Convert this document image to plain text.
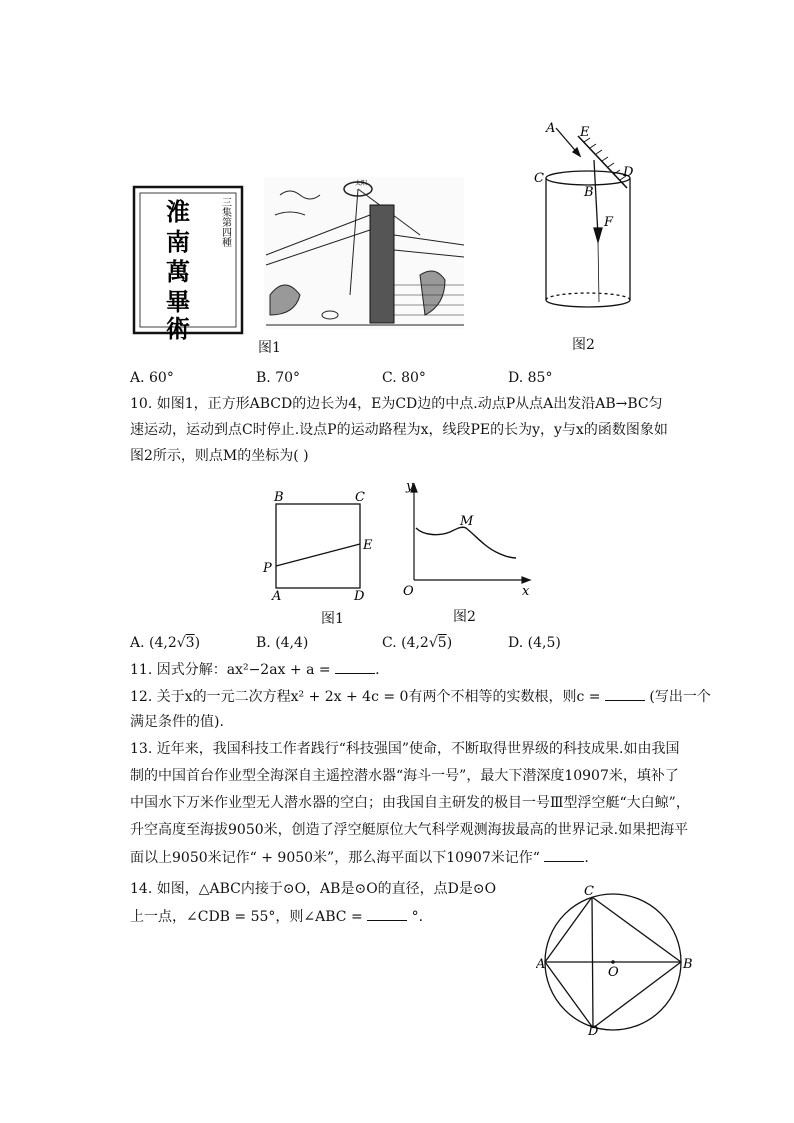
三集第四種
淮
南
萬
畢
術
太阳
图1
A E
C
B
D
F
图2
A. 60°	B. 70°	C. 80°	D. 85°
10. 如图1，正方形ABCD的边长为4，E为CD边的中点.动点P从点A出发沿AB→BC匀
速运动，运动到点C时停止.设点P的运动路程为x，线段PE的长为y，y与x的函数图象如
图2所示，则点M的坐标为( )
B	C
E
P
A	D
图1
y
M
O	x
图2
A. (4,2√3)	B. (4,4)	C. (4,2√5)	D. (4,5)
11. 因式分解：ax²−2ax + a =	.
12. 关于x的一元二次方程x² + 2x + 4c = 0有两个不相等的实数根，则c =	(写出一个
满足条件的值).
13. 近年来，我国科技工作者践行“科技强国”使命，不断取得世界级的科技成果.如由我国
制的中国首台作业型全海深自主遥控潜水器“海斗一号”，最大下潜深度10907米，填补了
中国水下万米作业型无人潜水器的空白；由我国自主研发的极目一号Ⅲ型浮空艇“大白鲸”，
升空高度至海拔9050米，创造了浮空艇原位大气科学观测海拔最高的世界记录.如果把海平
面以上9050米记作“ + 9050米”，那么海平面以下10907米记作“	.
14. 如图，△ABC内接于⊙O，AB是⊙O的直径，点D是⊙O
上一点，∠CDB = 55°，则∠ABC =	°.
C
A
O
B
D
